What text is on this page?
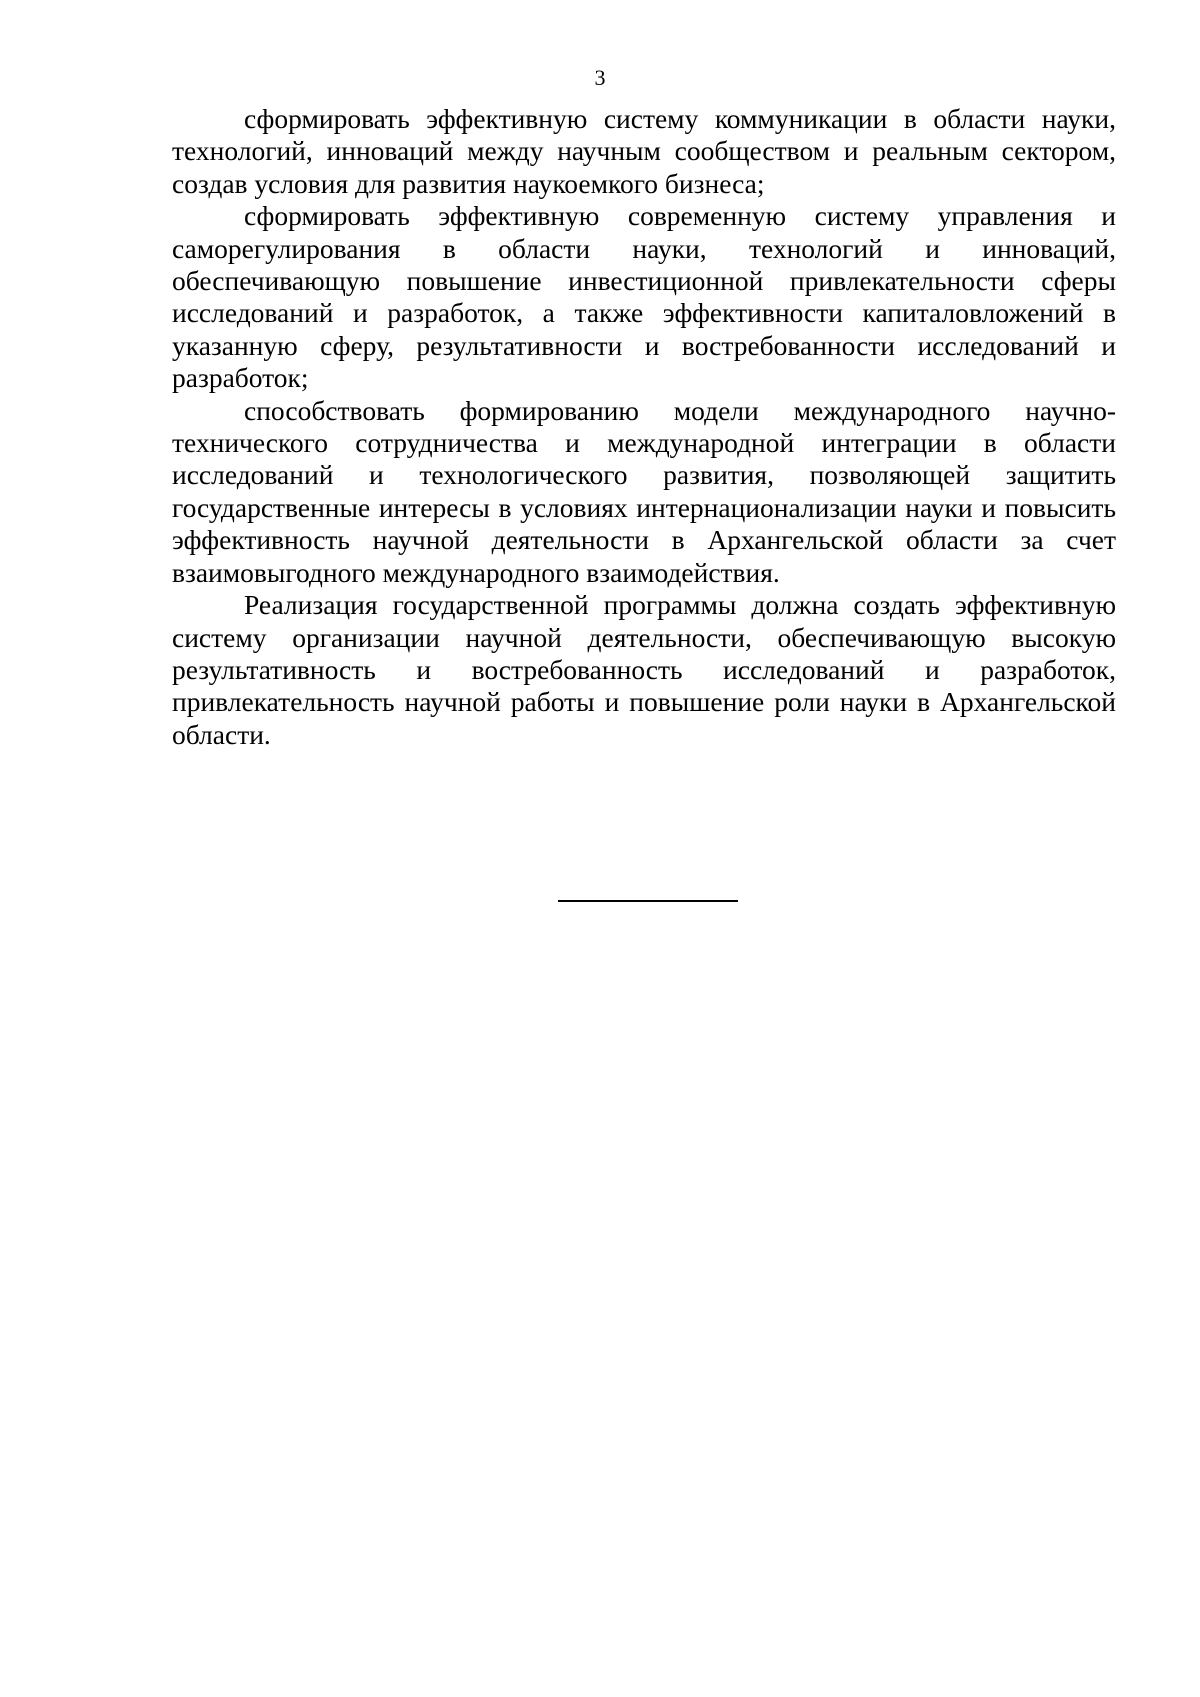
3

сформировать эффективную систему коммуникации в области науки, технологий, инноваций между научным сообществом и реальным сектором, создав условия для развития наукоемкого бизнеса;

сформировать эффективную современную систему управления и саморегулирования в области науки, технологий и инноваций, обеспечивающую повышение инвестиционной привлекательности сферы исследований и разработок, а также эффективности капиталовложений в указанную сферу, результативности и востребованности исследований и разработок;

способствовать формированию модели международного научно-технического сотрудничества и международной интеграции в области исследований и технологического развития, позволяющей защитить государственные интересы в условиях интернационализации науки и повысить эффективность научной деятельности в Архангельской области за счет взаимовыгодного международного взаимодействия.

Реализация государственной программы должна создать эффективную систему организации научной деятельности, обеспечивающую высокую результативность и востребованность исследований и разработок, привлекательность научной работы и повышение роли науки в Архангельской области.
